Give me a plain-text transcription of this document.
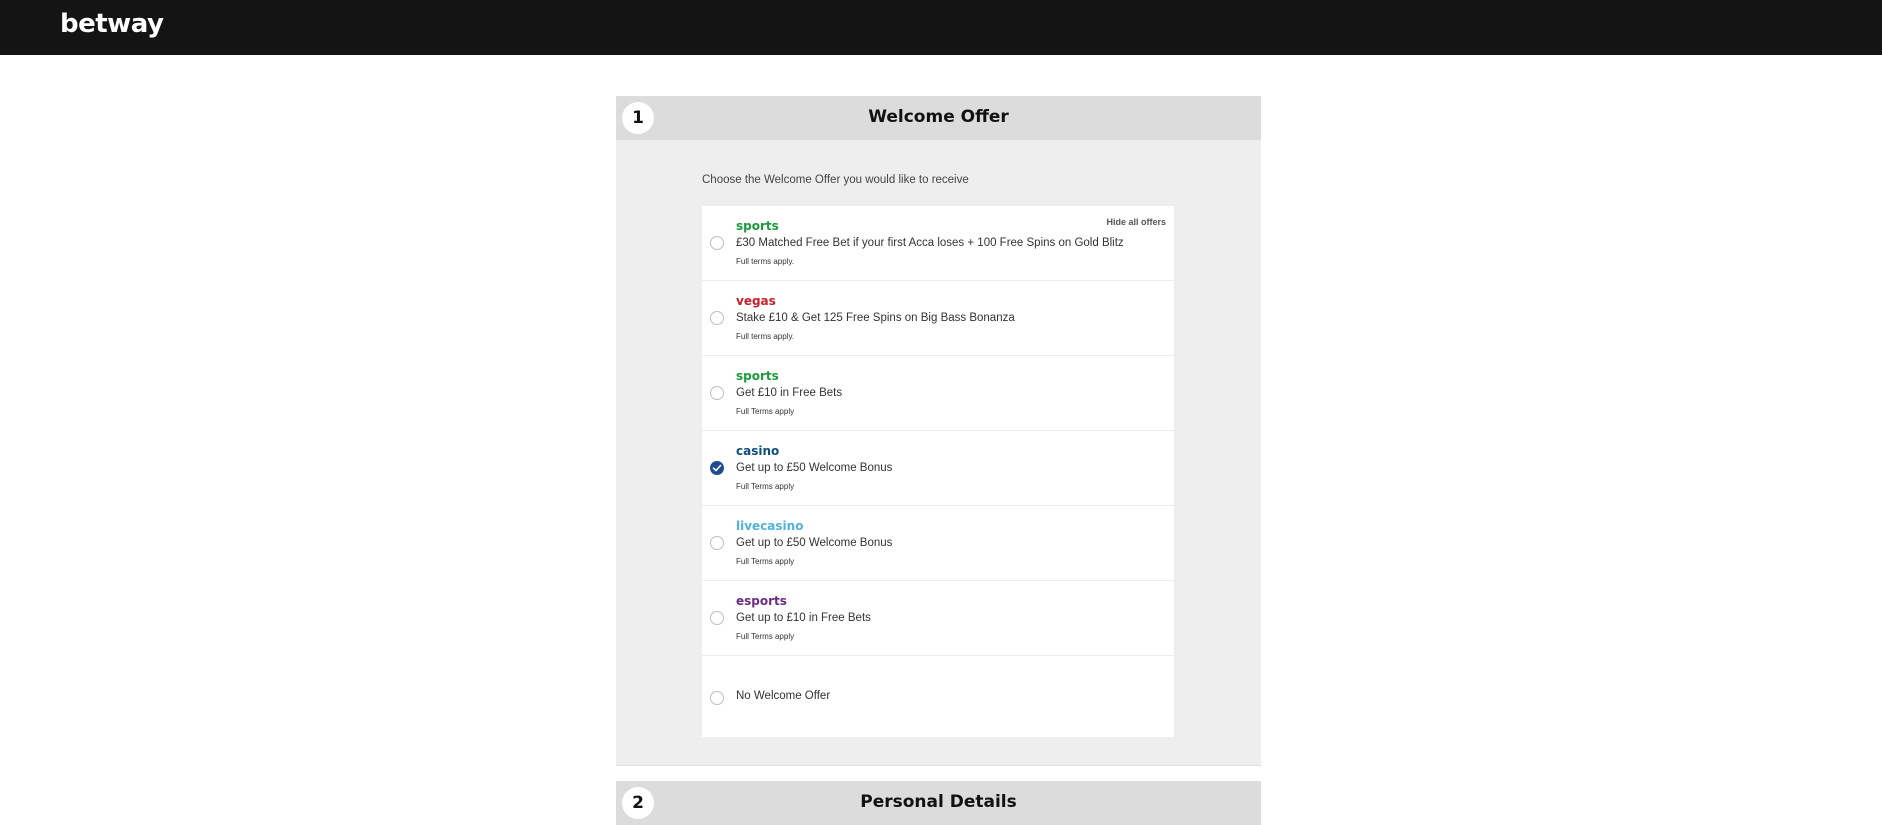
betway
1	Welcome Offer
Choose the Welcome Offer you would like to receive
sports
£30 Matched Free Bet if your first Acca loses + 100 Free Spins on Gold Blitz
Full terms apply.
Hide all offers
vegas
Stake £10 & Get 125 Free Spins on Big Bass Bonanza
Full terms apply.
sports
Get £10 in Free Bets
Full Terms apply
casino
Get up to £50 Welcome Bonus
Full Terms apply
livecasino
Get up to £50 Welcome Bonus
Full Terms apply
esports
Get up to £10 in Free Bets
Full Terms apply
No Welcome Offer
2	Personal Details
